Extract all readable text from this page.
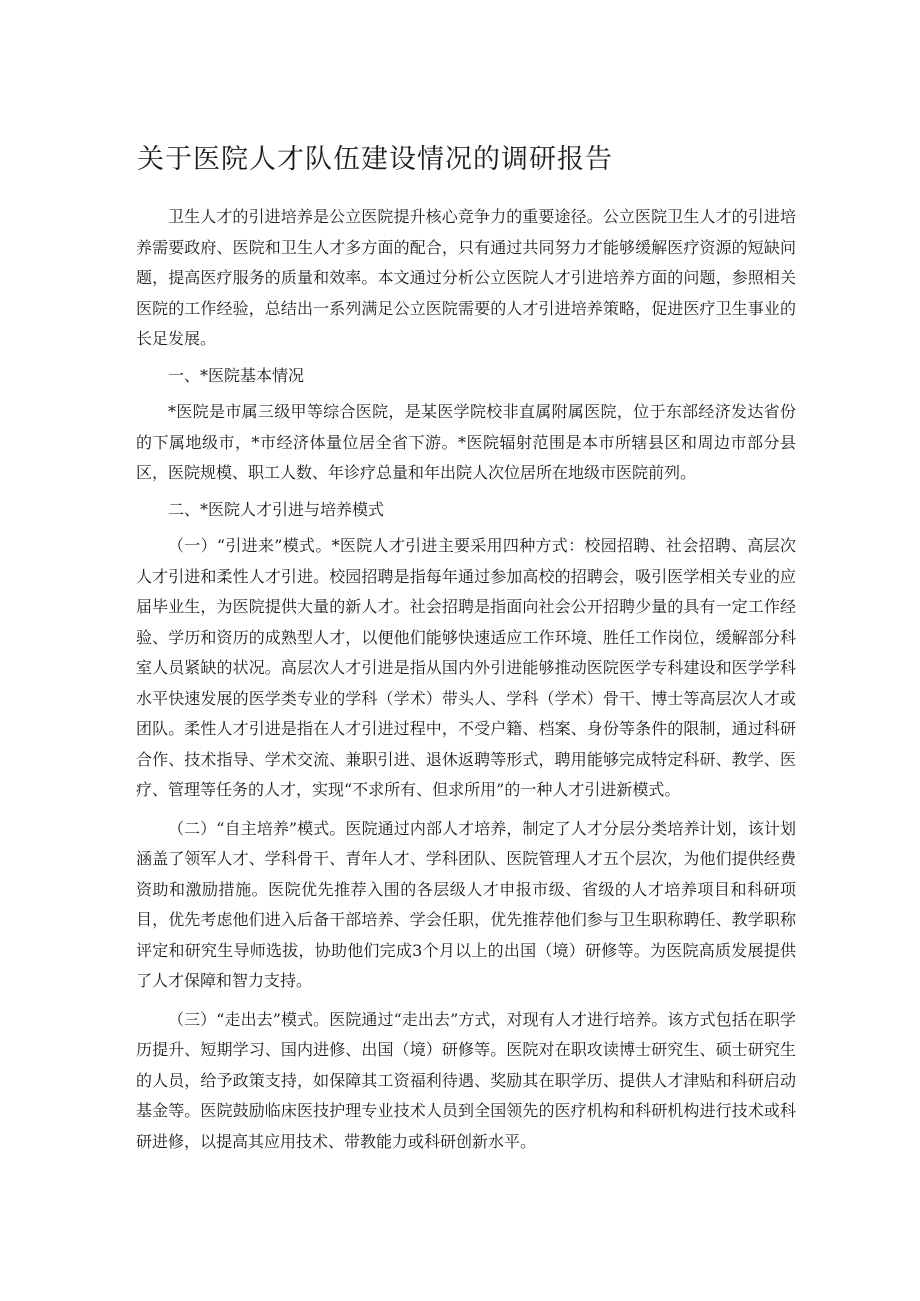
关于医院人才队伍建设情况的调研报告

卫生人才的引进培养是公立医院提升核心竞争力的重要途径。公立医院卫生人才的引进培养需要政府、医院和卫生人才多方面的配合，只有通过共同努力才能够缓解医疗资源的短缺问题，提高医疗服务的质量和效率。本文通过分析公立医院人才引进培养方面的问题，参照相关医院的工作经验，总结出一系列满足公立医院需要的人才引进培养策略，促进医疗卫生事业的长足发展。

一、*医院基本情况

*医院是市属三级甲等综合医院，是某医学院校非直属附属医院，位于东部经济发达省份的下属地级市，*市经济体量位居全省下游。*医院辐射范围是本市所辖县区和周边市部分县区，医院规模、职工人数、年诊疗总量和年出院人次位居所在地级市医院前列。

二、*医院人才引进与培养模式

（一）“引进来”模式。*医院人才引进主要采用四种方式：校园招聘、社会招聘、高层次人才引进和柔性人才引进。校园招聘是指每年通过参加高校的招聘会，吸引医学相关专业的应届毕业生，为医院提供大量的新人才。社会招聘是指面向社会公开招聘少量的具有一定工作经验、学历和资历的成熟型人才，以便他们能够快速适应工作环境、胜任工作岗位，缓解部分科室人员紧缺的状况。高层次人才引进是指从国内外引进能够推动医院医学专科建设和医学学科水平快速发展的医学类专业的学科（学术）带头人、学科（学术）骨干、博士等高层次人才或团队。柔性人才引进是指在人才引进过程中，不受户籍、档案、身份等条件的限制，通过科研合作、技术指导、学术交流、兼职引进、退休返聘等形式，聘用能够完成特定科研、教学、医疗、管理等任务的人才，实现“不求所有、但求所用”的一种人才引进新模式。

（二）“自主培养”模式。医院通过内部人才培养，制定了人才分层分类培养计划，该计划涵盖了领军人才、学科骨干、青年人才、学科团队、医院管理人才五个层次，为他们提供经费资助和激励措施。医院优先推荐入围的各层级人才申报市级、省级的人才培养项目和科研项目，优先考虑他们进入后备干部培养、学会任职，优先推荐他们参与卫生职称聘任、教学职称评定和研究生导师选拔，协助他们完成3个月以上的出国（境）研修等。为医院高质发展提供了人才保障和智力支持。

（三）“走出去”模式。医院通过“走出去”方式，对现有人才进行培养。该方式包括在职学历提升、短期学习、国内进修、出国（境）研修等。医院对在职攻读博士研究生、硕士研究生的人员，给予政策支持，如保障其工资福利待遇、奖励其在职学历、提供人才津贴和科研启动基金等。医院鼓励临床医技护理专业技术人员到全国领先的医疗机构和科研机构进行技术或科研进修，以提高其应用技术、带教能力或科研创新水平。
